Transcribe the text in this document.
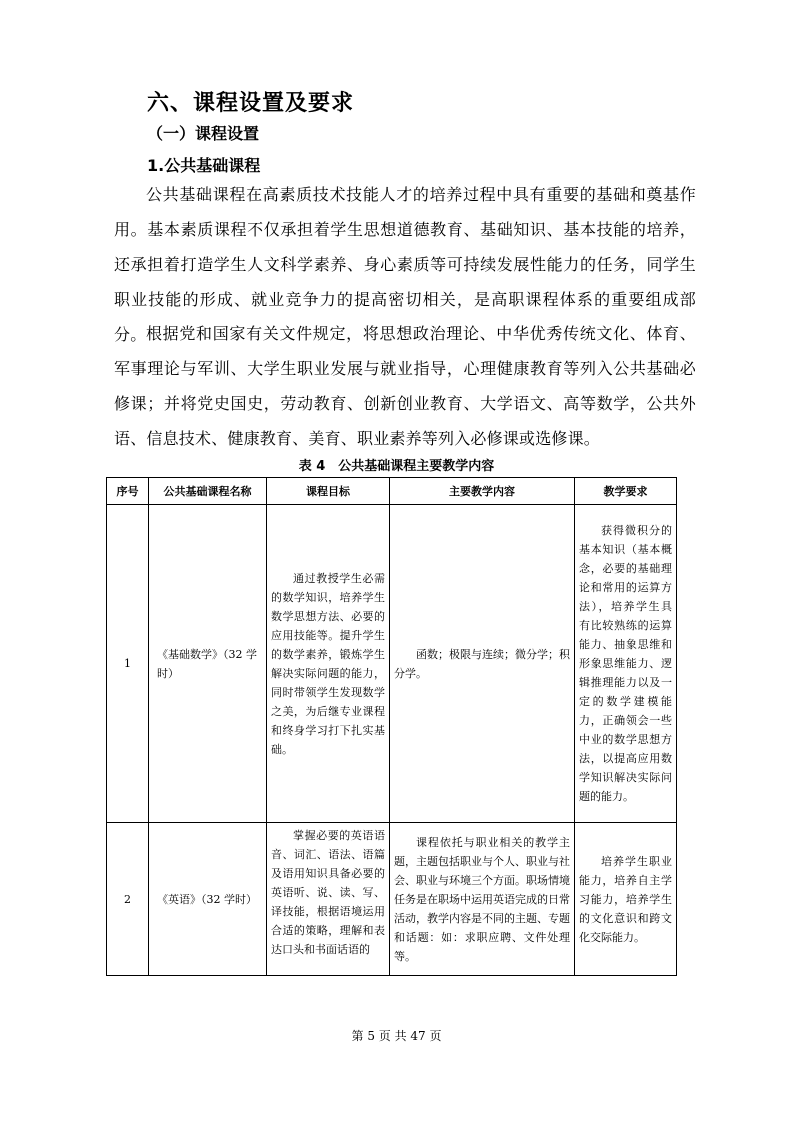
六、课程设置及要求
（一）课程设置
1.公共基础课程

公共基础课程在高素质技术技能人才的培养过程中具有重要的基础和奠基作用。基本素质课程不仅承担着学生思想道德教育、基础知识、基本技能的培养，还承担着打造学生人文科学素养、身心素质等可持续发展性能力的任务，同学生职业技能的形成、就业竞争力的提高密切相关，是高职课程体系的重要组成部分。 根据党和国家有关文件规定，将思想政治理论、中华优秀传统文化、体育、军事理论与军训、大学生职业发展与就业指导，心理健康教育等列入公共基础必修课；并将党史国史，劳动教育、创新创业教育、大学语文、高等数学，公共外语、信息技术、健康教育、美育、职业素养等列入必修课或选修课。

表 4　公共基础课程主要教学内容
序号	公共基础课程名称	课程目标	主要教学内容	教学要求
1	《基础数学》（32 学时）	通过教授学生必需的数学知识，培养学生数学思想方法、必要的应用技能等。提升学生的数学素养，锻炼学生解决实际问题的能力，同时带领学生发现数学之美，为后继专业课程和终身学习打下扎实基础。	函数；极限与连续；微分学；积分学。	获得微积分的基本知识（基本概念，必要的基础理论和常用的运算方法），培养学生具有比较熟练的运算能力、抽象思维和形象思维能力、逻辑推理能力以及一定的数学建模能力，正确领会一些中业的数学思想方法，以提高应用数学知识解决实际问题的能力。
2	《英语》（32 学时）	掌握必要的英语语音、词汇、语法、语篇及语用知识具备必要的英语听、说、读、写、译技能，根据语境运用合适的策略，理解和表达口头和书面话语的	课程依托与职业相关的教学主题，主题包括职业与个人、职业与社会、职业与环境三个方面。职场情境任务是在职场中运用英语完成的日常活动，教学内容是不同的主题、专题和话题：如：求职应聘、文件处理等。	培养学生职业能力，培养自主学习能力，培养学生的文化意识和跨文化交际能力。
第 5 页 共 47 页
